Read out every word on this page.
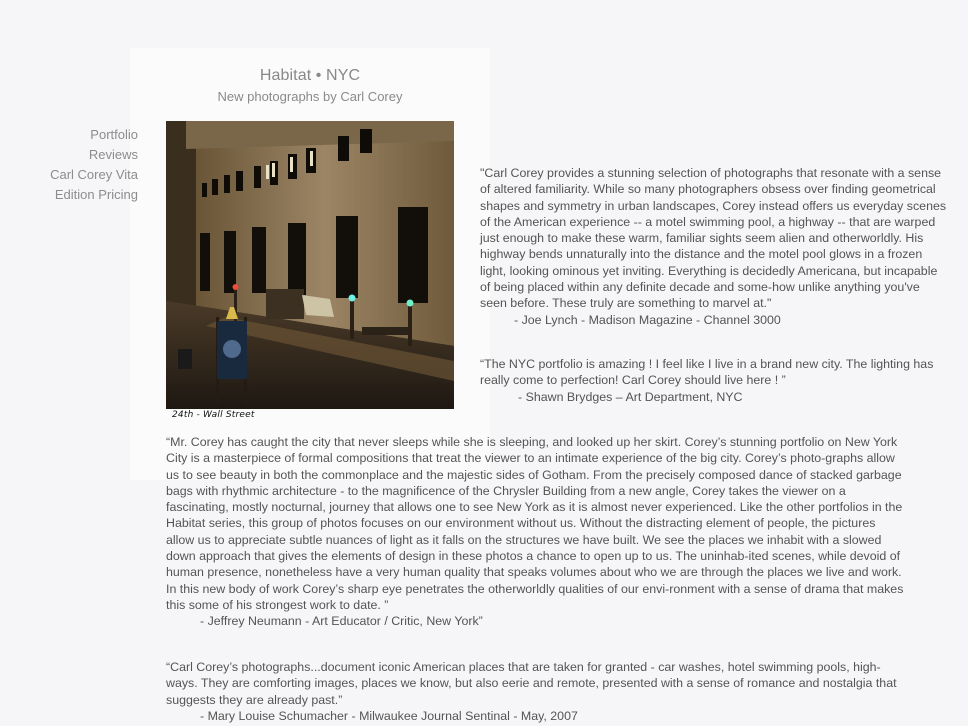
Habitat • NYC
New photographs by Carl Corey
Portfolio
Reviews
Carl Corey Vita
Edition Pricing
24th - Wall Street

"Carl Corey provides a stunning selection of photographs that resonate with a sense of altered familiarity. While so many photographers obsess over finding geometrical shapes and symmetry in urban landscapes, Corey instead offers us everyday scenes of the American experience -- a motel swimming pool, a highway -- that are warped just enough to make these warm, familiar sights seem alien and otherworldly. His highway bends unnaturally into the distance and the motel pool glows in a frozen light, looking ominous yet inviting. Everything is decidedly Americana, but incapable of being placed within any definite decade and some-how unlike anything you've seen before. These truly are something to marvel at."

- Joe Lynch - Madison Magazine - Channel 3000

“The NYC portfolio is amazing ! I feel like I live in a brand new city. The lighting has really come to perfection! Carl Corey should live here ! ”

- Shawn Brydges – Art Department, NYC

“Mr. Corey has caught the city that never sleeps while she is sleeping, and looked up her skirt. Corey’s stunning portfolio on New York City is a masterpiece of formal compositions that treat the viewer to an intimate experience of the big city. Corey’s photo-graphs allow us to see beauty in both the commonplace and the majestic sides of Gotham. From the precisely composed dance of stacked garbage bags with rhythmic architecture - to the magnificence of the Chrysler Building from a new angle, Corey takes the viewer on a fascinating, mostly nocturnal, journey that allows one to see New York as it is almost never experienced. Like the other portfolios in the Habitat series, this group of photos focuses on our environment without us. Without the distracting element of people, the pictures allow us to appreciate subtle nuances of light as it falls on the structures we have built. We see the places we inhabit with a slowed down approach that gives the elements of design in these photos a chance to open up to us. The uninhab-ited scenes, while devoid of human presence, nonetheless have a very human quality that speaks volumes about who we are through the places we live and work. In this new body of work Corey’s sharp eye penetrates the otherworldly qualities of our envi-ronment with a sense of drama that makes this some of his strongest work to date. ”

- Jeffrey Neumann - Art Educator / Critic, New York”

“Carl Corey’s photographs...document iconic American places that are taken for granted - car washes, hotel swimming pools, high-ways. They are comforting images, places we know, but also eerie and remote, presented with a sense of romance and nostalgia that suggests they are already past.”

- Mary Louise Schumacher - Milwaukee Journal Sentinal - May, 2007
